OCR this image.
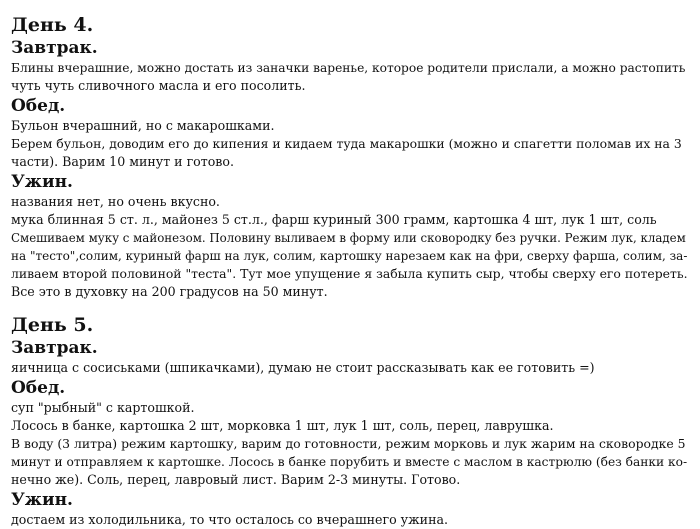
День 4.
Завтрак.
Блины вчерашние, можно достать из заначки варенье, которое родители прислали, а можно растопить
чуть чуть сливочного масла и его посолить.
Обед.
Бульон вчерашний, но с макарошками.
Берем бульон, доводим его до кипения и кидаем туда макарошки (можно и спагетти поломав их на 3
части). Варим 10 минут и готово.
Ужин.
названия нет, но очень вкусно.
мука блинная 5 ст. л., майонез 5 ст.л., фарш куриный 300 грамм, картошка 4 шт, лук 1 шт, соль
Смешиваем муку с майонезом. Половину выливаем в форму или сковородку без ручки. Режим лук, кладем
на "тесто",солим, куриный фарш на лук, солим, картошку нарезаем как на фри, сверху фарша, солим, за-
ливаем второй половиной "теста". Тут мое упущение я забыла купить сыр, чтобы сверху его потереть.
Все это в духовку на 200 градусов на 50 минут.
День 5.
Завтрак.
яичница с сосиськами (шпикачками), думаю не стоит рассказывать как ее готовить =)
Обед.
суп "рыбный" с картошкой.
Лосось в банке, картошка 2 шт, морковка 1 шт, лук 1 шт, соль, перец, лаврушка.
В воду (3 литра) режим картошку, варим до готовности, режим морковь и лук жарим на сковородке 5
минут и отправляем к картошке. Лосось в банке порубить и вместе с маслом в кастрюлю (без банки ко-
нечно же). Соль, перец, лавровый лист. Варим 2-3 минуты. Готово.
Ужин.
достаем из холодильника, то что осталось со вчерашнего ужина.
